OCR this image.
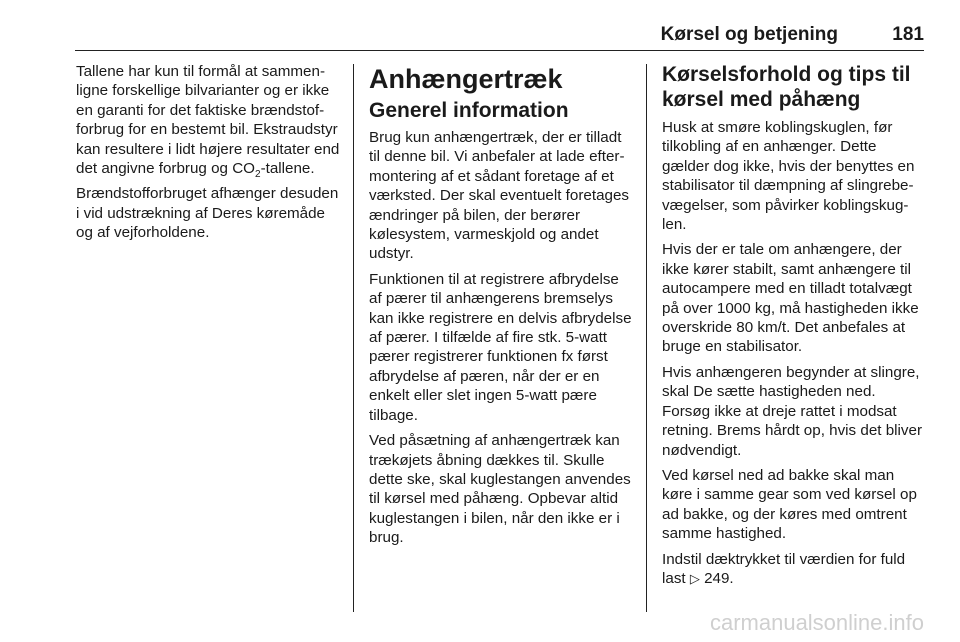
Kørsel og betjening	181

Tallene har kun til formål at sammenligne forskellige bilvarianter og er ikke en garanti for det faktiske brændstofforbrug for en bestemt bil. Ekstraudstyr kan resultere i lidt højere resultater end det angivne forbrug og $CO_2$-tallene. Brændstofforbruget afhænger desuden i vid udstrækning af Deres køremåde og af vejforholdene.

Anhængertræk
Generel information

Brug kun anhængertræk, der er tilladt til denne bil. Vi anbefaler at lade eftermontering af et sådant foretage af et værksted. Der skal eventuelt foretages ændringer på bilen, der berører kølesystem, varmeskjold og andet udstyr.

Funktionen til at registrere afbrydelse af pærer til anhængerens bremselys kan ikke registrere en delvis afbrydelse af pærer. I tilfælde af fire stk. 5-watt pærer registrerer funktionen fx først afbrydelse af pæren, når der er en enkelt eller slet ingen 5-watt pære tilbage.

Ved påsætning af anhængertræk kan trækøjets åbning dækkes til. Skulle dette ske, skal kuglestangen anvendes til kørsel med påhæng. Opbevar altid kuglestangen i bilen, når den ikke er i brug.

Kørselsforhold og tips til kørsel med påhæng

Husk at smøre koblingskuglen, før tilkobling af en anhænger. Dette gælder dog ikke, hvis der benyttes en stabilisator til dæmpning af slingrebevægelser, som påvirker koblingskuglen.

Hvis der er tale om anhængere, der ikke kører stabilt, samt anhængere til autocampere med en tilladt totalvægt på over 1000 kg, må hastigheden ikke overskride 80 km/t. Det anbefales at bruge en stabilisator.

Hvis anhængeren begynder at slingre, skal De sætte hastigheden ned. Forsøg ikke at dreje rattet i modsat retning. Brems hårdt op, hvis det bliver nødvendigt.

Ved kørsel ned ad bakke skal man køre i samme gear som ved kørsel op ad bakke, og der køres med omtrent samme hastighed.

Indstil dæktrykket til værdien for fuld last ▷ 249.

carmanualsonline.info
